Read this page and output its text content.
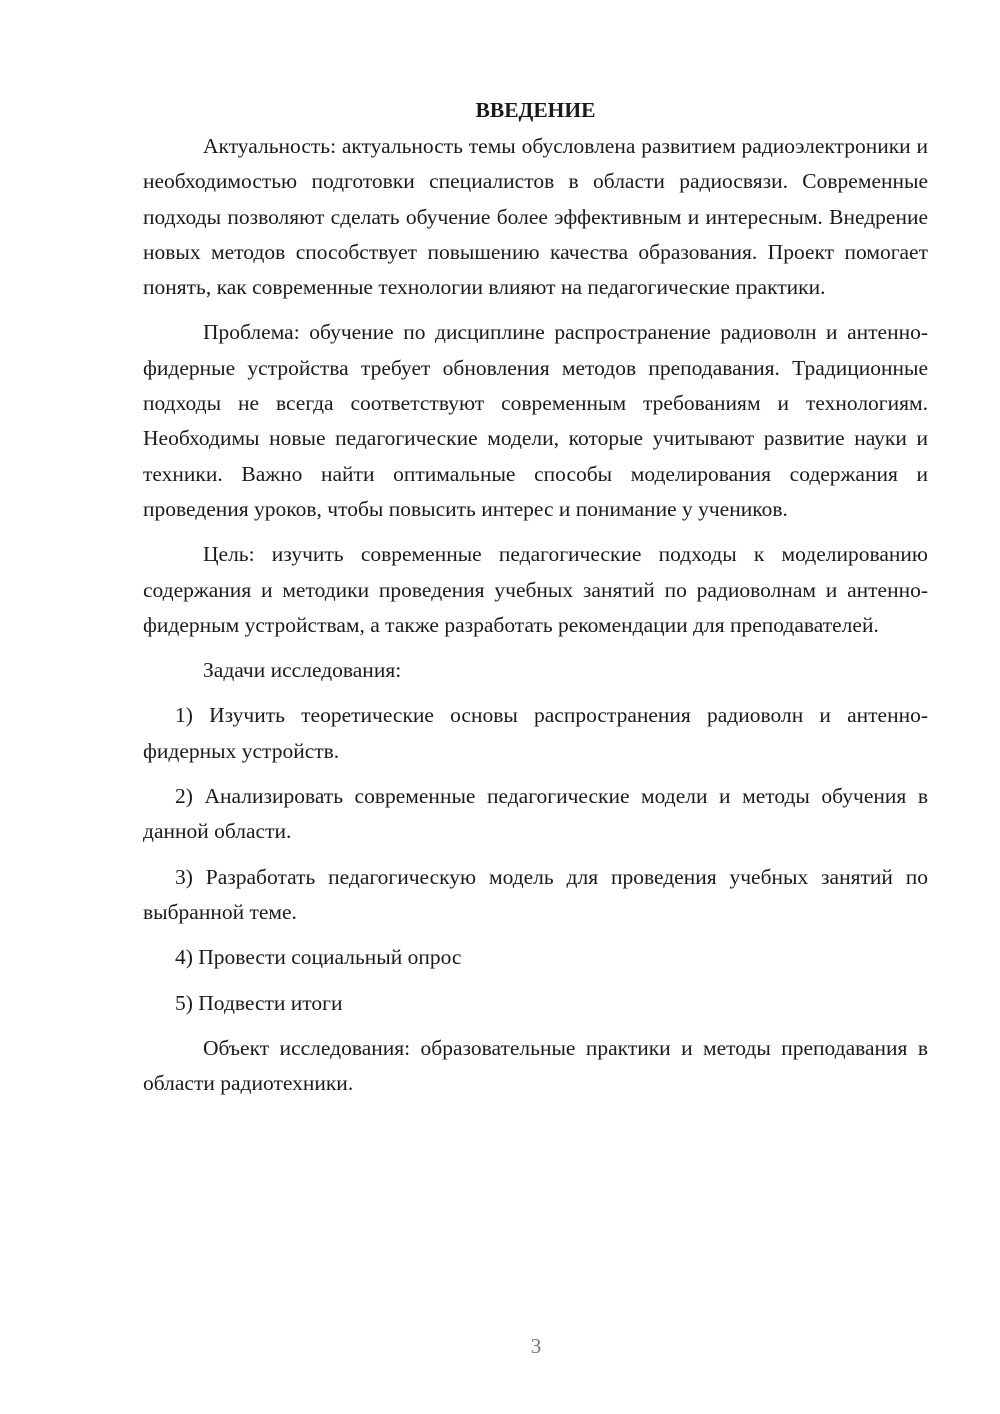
ВВЕДЕНИЕ

Актуальность: актуальность темы обусловлена развитием радиоэлектроники и необходимостью подготовки специалистов в области радиосвязи. Современные подходы позволяют сделать обучение более эффективным и интересным. Внедрение новых методов способствует повышению качества образования. Проект помогает понять, как современные технологии влияют на педагогические практики.

Проблема: обучение по дисциплине распространение радиоволн и антенно-фидерные устройства требует обновления методов преподавания. Традиционные подходы не всегда соответствуют современным требованиям и технологиям. Необходимы новые педагогические модели, которые учитывают развитие науки и техники. Важно найти оптимальные способы моделирования содержания и проведения уроков, чтобы повысить интерес и понимание у учеников.

Цель: изучить современные педагогические подходы к моделированию содержания и методики проведения учебных занятий по радиоволнам и антенно-фидерным устройствам, а также разработать рекомендации для преподавателей.

Задачи исследования:

1) Изучить теоретические основы распространения радиоволн и антенно-фидерных устройств.

2) Анализировать современные педагогические модели и методы обучения в данной области.

3) Разработать педагогическую модель для проведения учебных занятий по выбранной теме.

4) Провести социальный опрос

5) Подвести итоги

Объект исследования: образовательные практики и методы преподавания в области радиотехники.

3
